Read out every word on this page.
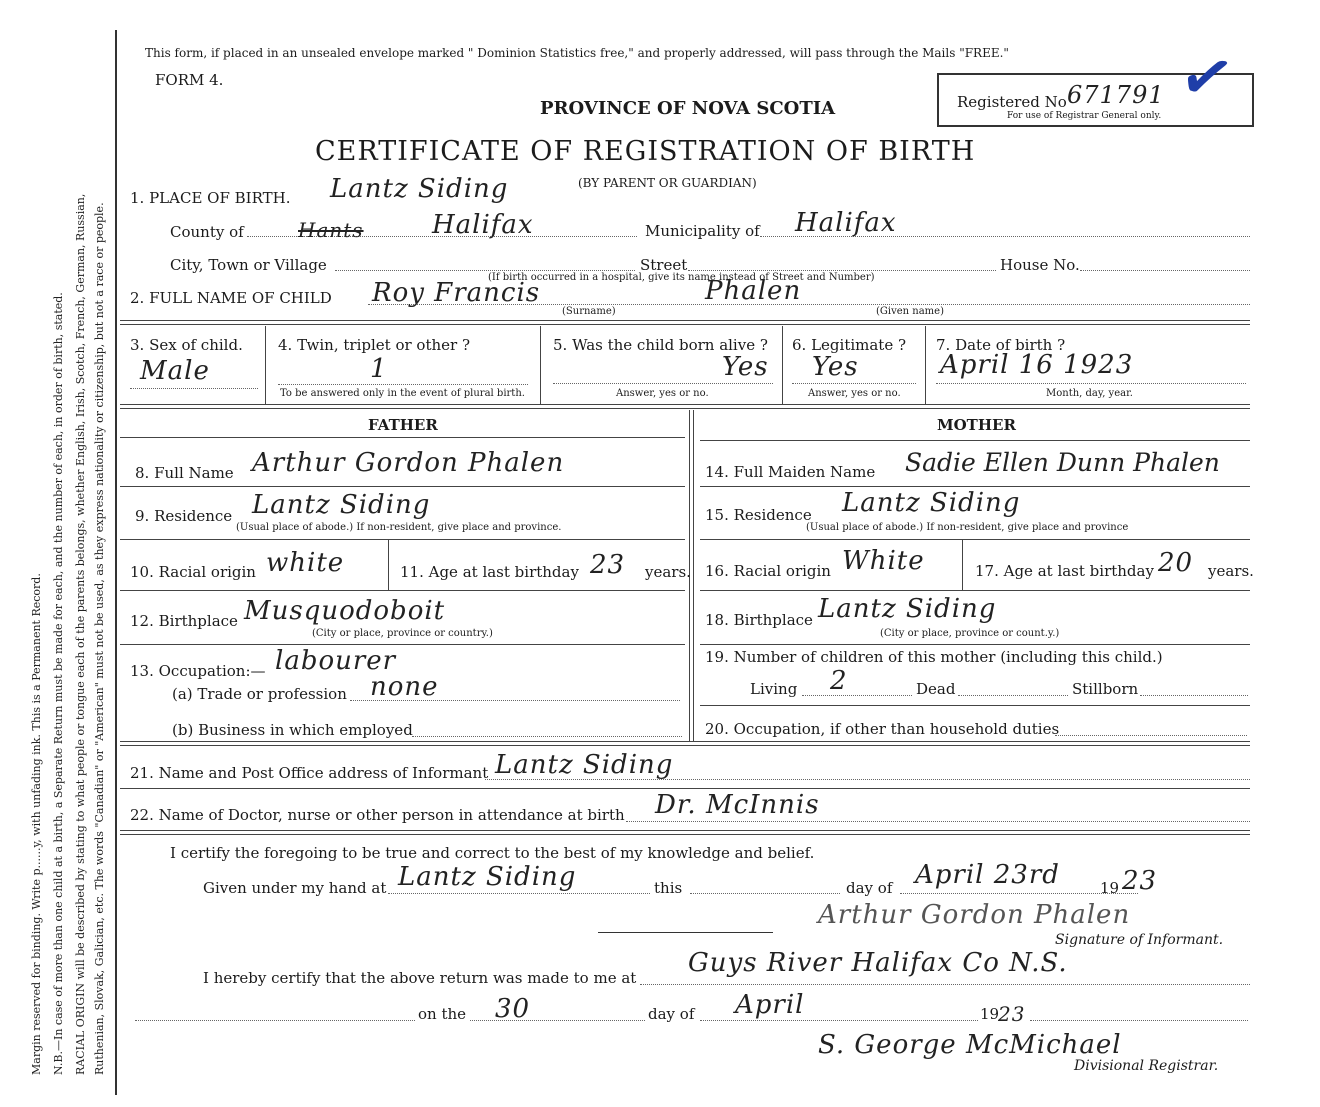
Margin reserved for binding. Write p......y, with unfading ink. This is a Permanent Record. N.B.—In case of more than one child at a birth, a Separate Return must be made for each, and the number of each, in order of birth, stated. RACIAL ORIGIN will be described by stating to what people or tongue each of the parents belongs, whether English, Irish, Scotch, French, German, Russian, Ruthenian, Slovak, Galician, etc. The words "Canadian" or "American" must not be used, as they express nationality or citizenship, but not a race or people.
This form, if placed in an unsealed envelope marked " Dominion Statistics free," and properly addressed, will pass through the Mails "FREE."
FORM 4.
PROVINCE OF NOVA SCOTIA	Registered No 671791
For use of Registrar General only. ✓
CERTIFICATE OF REGISTRATION OF BIRTH
(BY PARENT OR GUARDIAN)
1. PLACE OF BIRTH. Lantz Siding
County of	Hants	Halifax	Municipality of Halifax
City, Town or Village	Street	House No.
(If birth occurred in a hospital, give its name instead of Street and Number)
2. FULL NAME OF CHILD Roy Francis	Phalen
(Surname)	(Given name)
3. Sex of child.
Male
4. Twin, triplet or other ?
1
To be answered only in the event of plural birth.
5. Was the child born alive ?
Yes
Answer, yes or no.
6. Legitimate ?
Yes
Answer, yes or no.
7. Date of birth ?
April 16 1923
Month, day, year.
FATHER	MOTHER
8. Full Name Arthur Gordon Phalen
9. Residence Lantz Siding
(Usual place of abode.) If non-resident, give place and province.
10. Racial origin white	11. Age at last birthday 23 years.
12. Birthplace Musquodoboit
(City or place, province or country.)
13. Occupation:— labourer
(a) Trade or profession none
(b) Business in which employed
14. Full Maiden Name Sadie Ellen Dunn Phalen
15. Residence Lantz Siding
(Usual place of abode.) If non-resident, give place and province
16. Racial origin White	17. Age at last birthday 20 years.
18. Birthplace Lantz Siding
(City or place, province or count.y.)
19. Number of children of this mother (including this child.)
Living 2	Dead	Stillborn
20. Occupation, if other than household duties
21. Name and Post Office address of Informant Lantz Siding
22. Name of Doctor, nurse or other person in attendance at birth Dr. McInnis
I certify the foregoing to be true and correct to the best of my knowledge and belief.
Given under my hand at Lantz Siding	this	day of April 23rd	19 23
Arthur Gordon Phalen
Signature of Informant.
I hereby certify that the above return was made to me at Guys River Halifax Co N.S.
on the 30	day of April	19
23
S. George McMichael
Divisional Registrar.
